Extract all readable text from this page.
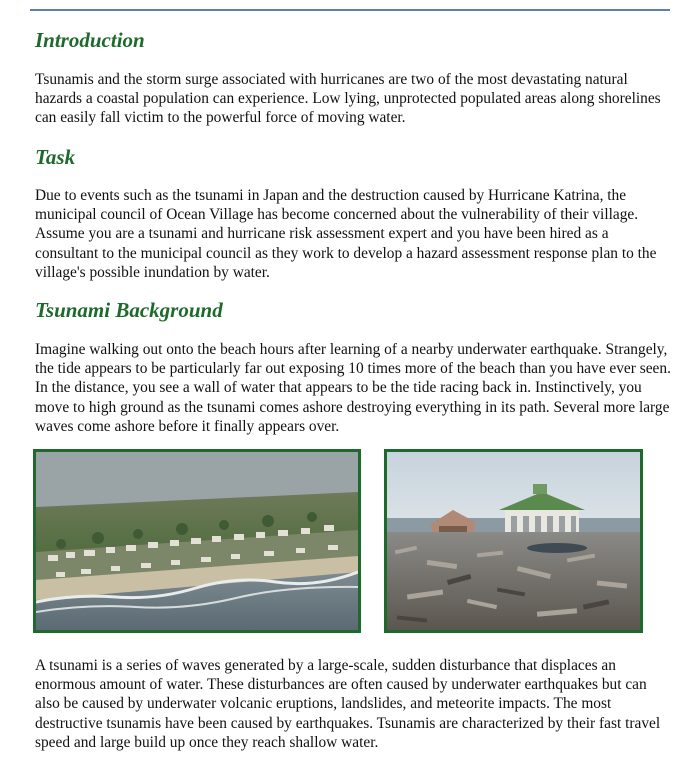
Introduction

Tsunamis and the storm surge associated with hurricanes are two of the most devastating natural hazards a coastal population can experience. Low lying, unprotected populated areas along shorelines can easily fall victim to the powerful force of moving water.

Task

Due to events such as the tsunami in Japan and the destruction caused by Hurricane Katrina, the municipal council of Ocean Village has become concerned about the vulnerability of their village. Assume you are a tsunami and hurricane risk assessment expert and you have been hired as a consultant to the municipal council as they work to develop a hazard assessment response plan to the village's possible inundation by water.

Tsunami Background

Imagine walking out onto the beach hours after learning of a nearby underwater earthquake. Strangely, the tide appears to be particularly far out exposing 10 times more of the beach than you have ever seen. In the distance, you see a wall of water that appears to be the tide racing back in. Instinctively, you move to high ground as the tsunami comes ashore destroying everything in its path. Several more large waves come ashore before it finally appears over.

A tsunami is a series of waves generated by a large-scale, sudden disturbance that displaces an enormous amount of water. These disturbances are often caused by underwater earthquakes but can also be caused by underwater volcanic eruptions, landslides, and meteorite impacts. The most destructive tsunamis have been caused by earthquakes. Tsunamis are characterized by their fast travel speed and large build up once they reach shallow water.
